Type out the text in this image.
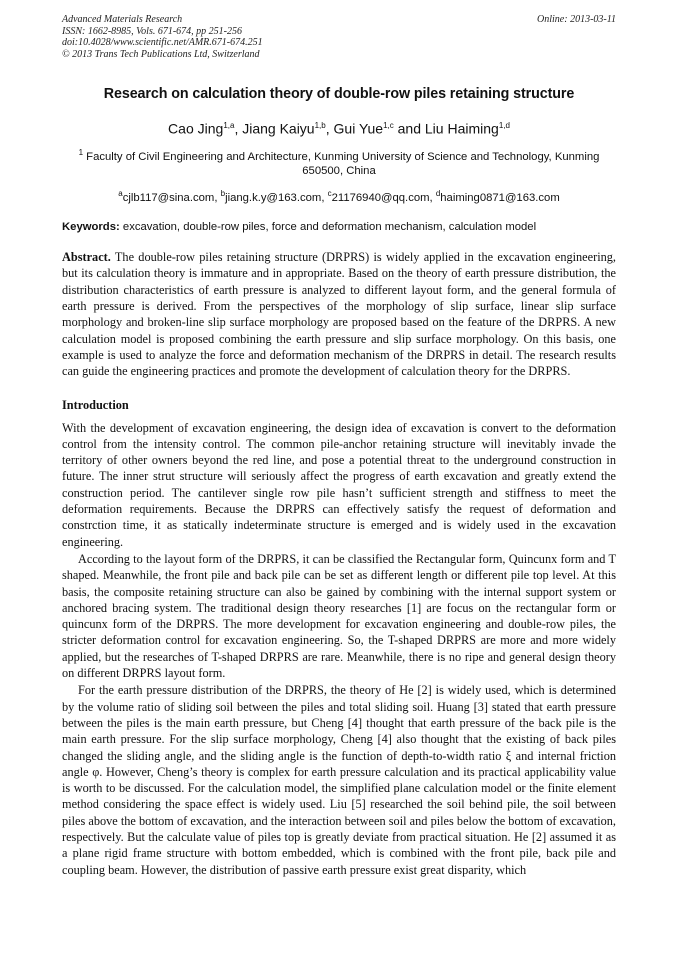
Advanced Materials Research
ISSN: 1662-8985, Vols. 671-674, pp 251-256
doi:10.4028/www.scientific.net/AMR.671-674.251
© 2013 Trans Tech Publications Ltd, Switzerland
Online: 2013-03-11
Research on calculation theory of double-row piles retaining structure
Cao Jing$^{1,a}$, Jiang Kaiyu$^{1,b}$, Gui Yue$^{1,c}$ and Liu Haiming$^{1,d}$
$^1$ Faculty of Civil Engineering and Architecture, Kunming University of Science and Technology, Kunming 650500, China
$^a$cjlb117@sina.com, $^b$jiang.k.y@163.com, $^c$21176940@qq.com, $^d$haiming0871@163.com
Keywords: excavation, double-row piles, force and deformation mechanism, calculation model
Abstract. The double-row piles retaining structure (DRPRS) is widely applied in the excavation engineering, but its calculation theory is immature and in appropriate. Based on the theory of earth pressure distribution, the distribution characteristics of earth pressure is analyzed to different layout form, and the general formula of earth pressure is derived. From the perspectives of the morphology of slip surface, linear slip surface morphology and broken-line slip surface morphology are proposed based on the feature of the DRPRS. A new calculation model is proposed combining the earth pressure and slip surface morphology. On this basis, one example is used to analyze the force and deformation mechanism of the DRPRS in detail. The research results can guide the engineering practices and promote the development of calculation theory for the DRPRS.
Introduction
With the development of excavation engineering, the design idea of excavation is convert to the deformation control from the intensity control. The common pile-anchor retaining structure will inevitably invade the territory of other owners beyond the red line, and pose a potential threat to the underground construction in future. The inner strut structure will seriously affect the progress of earth excavation and greatly extend the construction period. The cantilever single row pile hasn’t sufficient strength and stiffness to meet the deformation requirements. Because the DRPRS can effectively satisfy the request of deformation and constrction time, it as statically indeterminate structure is emerged and is widely used in the excavation engineering.
According to the layout form of the DRPRS, it can be classified the Rectangular form, Quincunx form and T shaped. Meanwhile, the front pile and back pile can be set as different length or different pile top level. At this basis, the composite retaining structure can also be gained by combining with the internal support system or anchored bracing system. The traditional design theory researches [1] are focus on the rectangular form or quincunx form of the DRPRS. The more development for excavation engineering and double-row piles, the stricter deformation control for excavation engineering. So, the T-shaped DRPRS are more and more widely applied, but the researches of T-shaped DRPRS are rare. Meanwhile, there is no ripe and general design theory on different DRPRS layout form.
For the earth pressure distribution of the DRPRS, the theory of He [2] is widely used, which is determined by the volume ratio of sliding soil between the piles and total sliding soil. Huang [3] stated that earth pressure between the piles is the main earth pressure, but Cheng [4] thought that earth pressure of the back pile is the main earth pressure. For the slip surface morphology, Cheng [4] also thought that the existing of back piles changed the sliding angle, and the sliding angle is the function of depth-to-width ratio ξ and internal friction angle φ. However, Cheng’s theory is complex for earth pressure calculation and its practical applicability value is worth to be discussed. For the calculation model, the simplified plane calculation model or the finite element method considering the space effect is widely used. Liu [5] researched the soil behind pile, the soil between piles above the bottom of excavation, and the interaction between soil and piles below the bottom of excavation, respectively. But the calculate value of piles top is greatly deviate from practical situation. He [2] assumed it as a plane rigid frame structure with bottom embedded, which is combined with the front pile, back pile and coupling beam. However, the distribution of passive earth pressure exist great disparity, which
